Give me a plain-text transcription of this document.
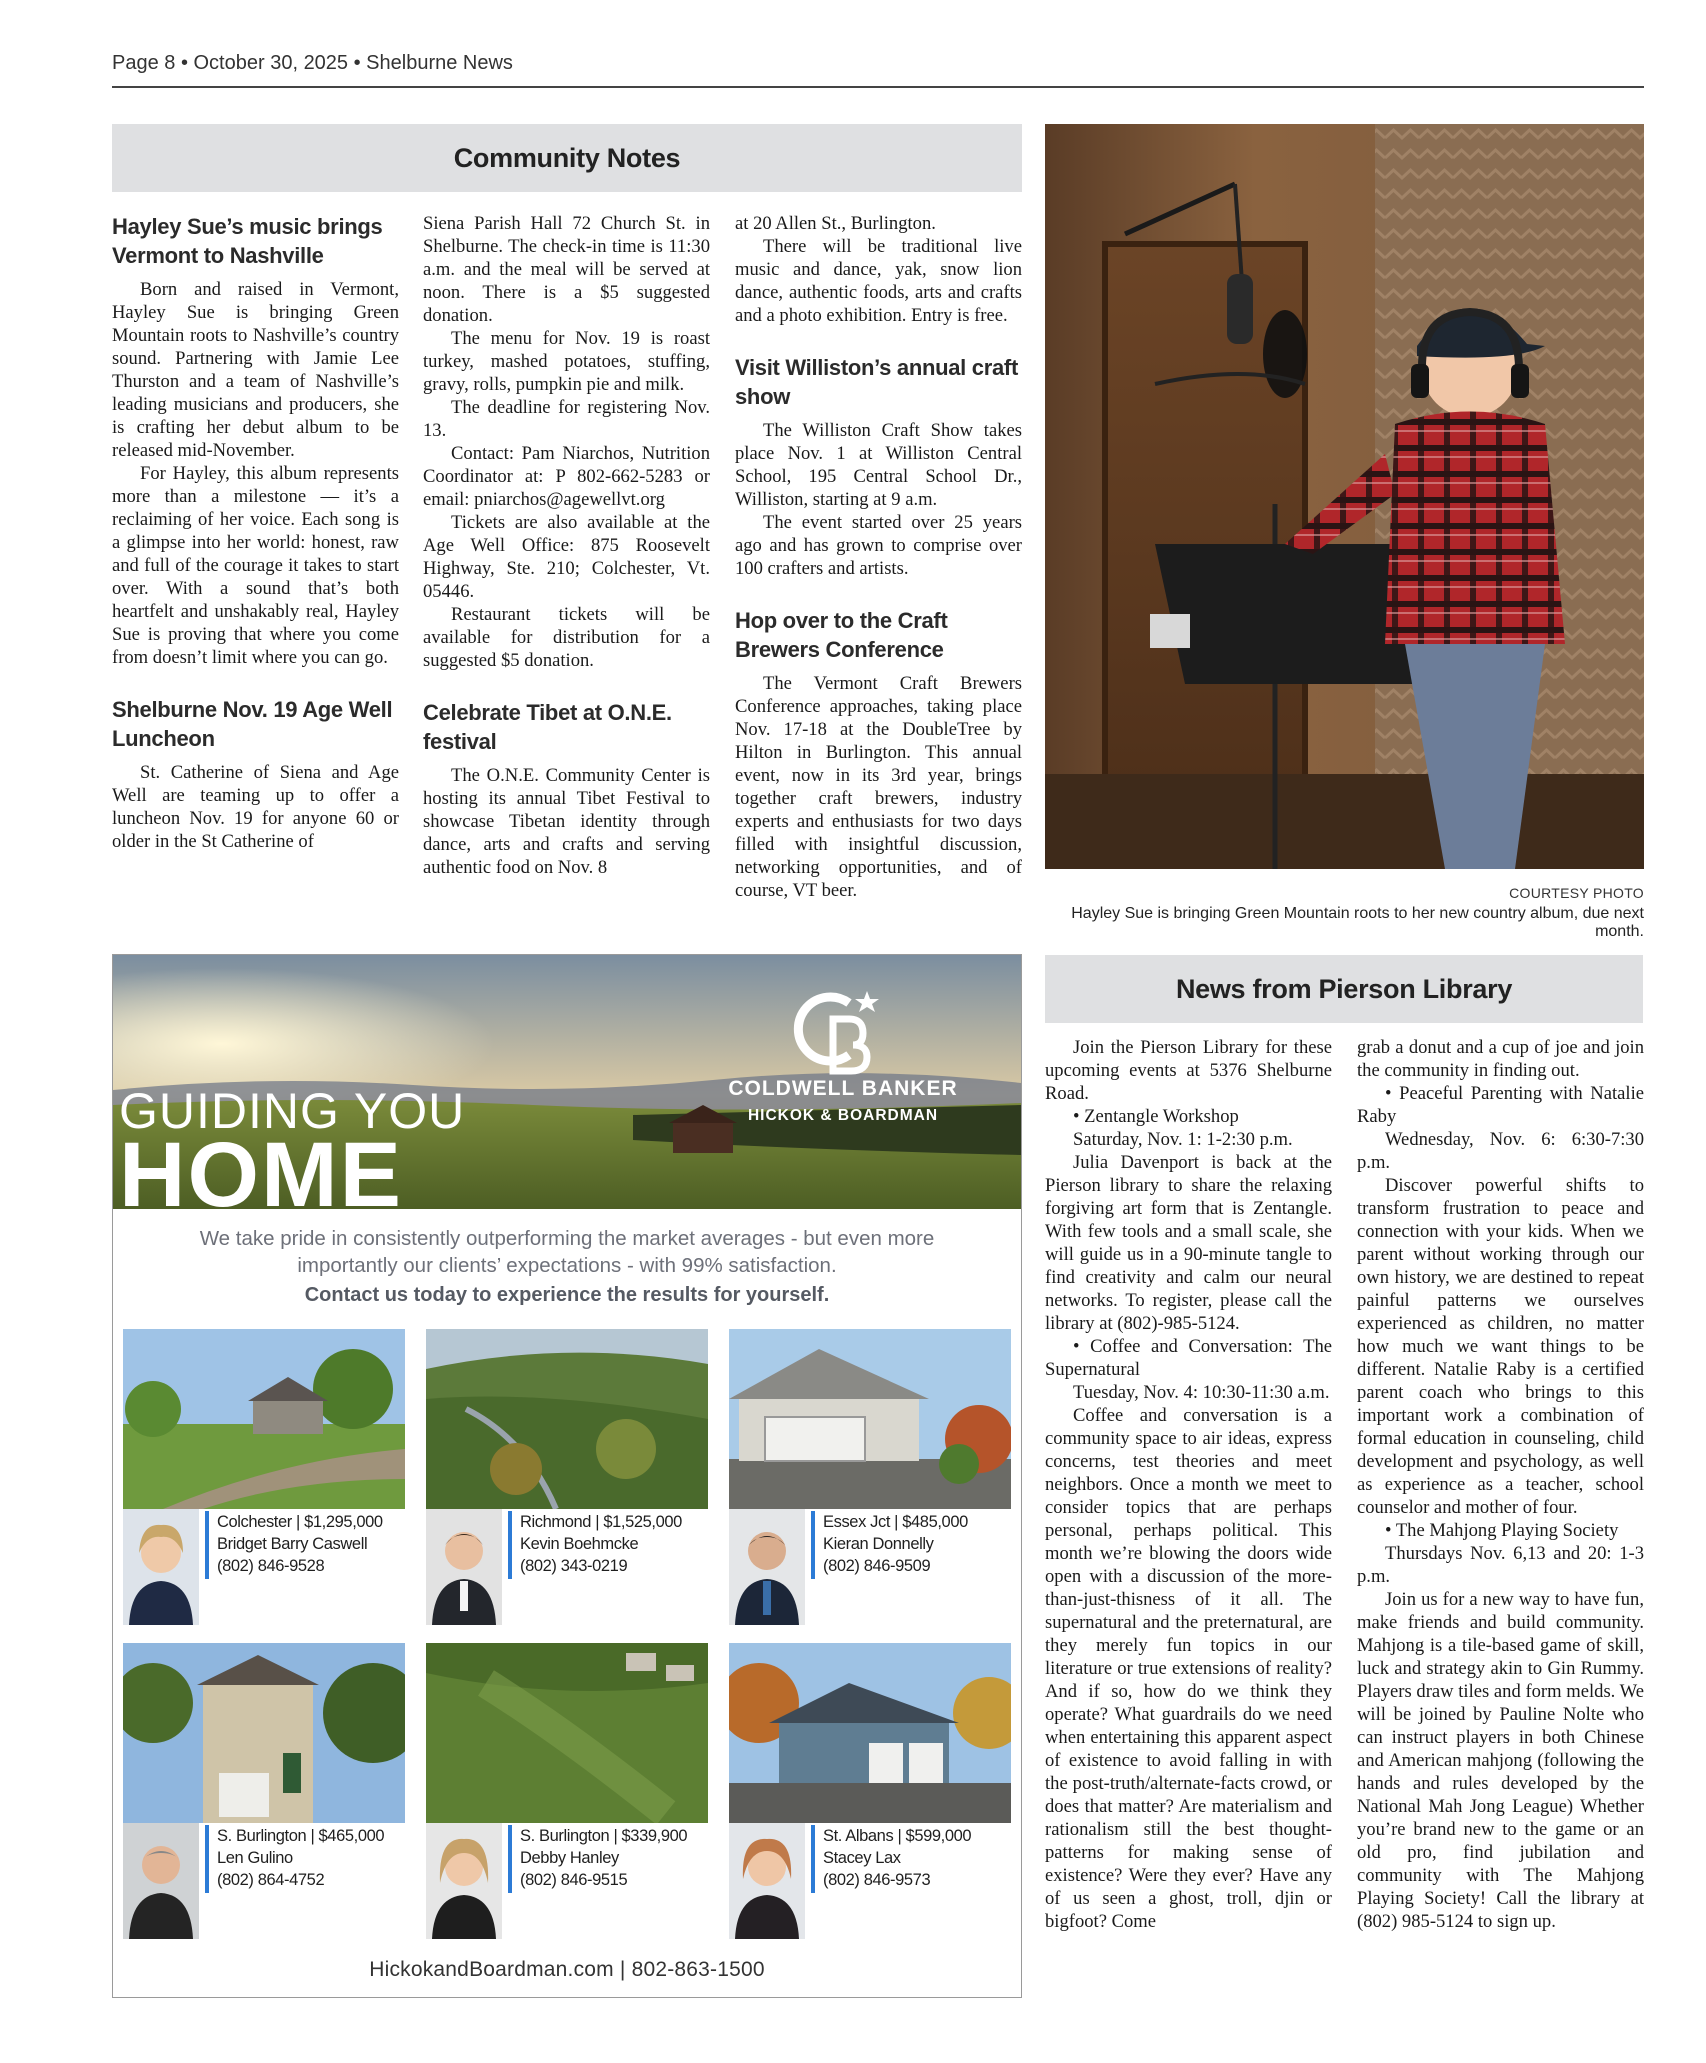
Page 8 • October 30, 2025 • Shelburne News
Community Notes
Hayley Sue’s music brings Vermont to Nashville

Born and raised in Vermont, Hayley Sue is bringing Green Mountain roots to Nashville’s country sound. Partnering with Jamie Lee Thurston and a team of Nashville’s leading musicians and producers, she is crafting her debut album to be released mid-November.

For Hayley, this album represents more than a milestone — it’s a reclaiming of her voice. Each song is a glimpse into her world: honest, raw and full of the courage it takes to start over. With a sound that’s both heartfelt and unshakably real, Hayley Sue is proving that where you come from doesn’t limit where you can go.

Shelburne Nov. 19 Age Well Luncheon

St. Catherine of Siena and Age Well are teaming up to offer a luncheon Nov. 19 for anyone 60 or older in the St Catherine of

Siena Parish Hall 72 Church St. in Shelburne. The check-in time is 11:30 a.m. and the meal will be served at noon. There is a $5 suggested donation.

The menu for Nov. 19 is roast turkey, mashed potatoes, stuffing, gravy, rolls, pumpkin pie and milk.

The deadline for registering Nov. 13.

Contact: Pam Niarchos, Nutrition Coordinator at: P 802-662-5283 or email: pniarchos@agewellvt.org

Tickets are also available at the Age Well Office: 875 Roosevelt Highway, Ste. 210; Colchester, Vt. 05446.

Restaurant tickets will be available for distribution for a suggested $5 donation.

Celebrate Tibet at O.N.E. festival

The O.N.E. Community Center is hosting its annual Tibet Festival to showcase Tibetan identity through dance, arts and crafts and serving authentic food on Nov. 8

at 20 Allen St., Burlington.

There will be traditional live music and dance, yak, snow lion dance, authentic foods, arts and crafts and a photo exhibition. Entry is free.

Visit Williston’s annual craft show

The Williston Craft Show takes place Nov. 1 at Williston Central School, 195 Central School Dr., Williston, starting at 9 a.m.

The event started over 25 years ago and has grown to comprise over 100 crafters and artists.

Hop over to the Craft Brewers Conference

The Vermont Craft Brewers Conference approaches, taking place Nov. 17-18 at the DoubleTree by Hilton in Burlington. This annual event, now in its 3rd year, brings together craft brewers, industry experts and enthusiasts for two days filled with insightful discussion, networking opportunities, and of course, VT beer.	COURTESY PHOTO
Hayley Sue is bringing Green Mountain roots to her new country album, due next month.
COLDWELL BANKER
HICKOK & BOARDMAN
GUIDING YOU
HOME
We take pride in consistently outperforming the market averages - but even more
importantly our clients’ expectations - with 99% satisfaction.
Contact us today to experience the results for yourself.
Colchester | $1,295,000
Bridget Barry Caswell
(802) 846-9528
Richmond | $1,525,000
Kevin Boehmcke
(802) 343-0219
Essex Jct | $485,000
Kieran Donnelly
(802) 846-9509
S. Burlington | $465,000
Len Gulino
(802) 864-4752
S. Burlington | $339,900
Debby Hanley
(802) 846-9515
St. Albans | $599,000
Stacey Lax
(802) 846-9573
HickokandBoardman.com | 802-863-1500
News from Pierson Library

Join the Pierson Library for these upcoming events at 5376 Shelburne Road.

• Zentangle Workshop

Saturday, Nov. 1: 1-2:30 p.m.

Julia Davenport is back at the Pierson library to share the relaxing forgiving art form that is Zentangle. With few tools and a small scale, she will guide us in a 90-minute tangle to find creativity and calm our neural networks. To register, please call the library at (802)-985-5124.

• Coffee and Conversation: The Supernatural

Tuesday, Nov. 4: 10:30-11:30 a.m.

Coffee and conversation is a community space to air ideas, express concerns, test theories and meet neighbors. Once a month we meet to consider topics that are perhaps personal, perhaps political. This month we’re blowing the doors wide open with a discussion of the more-than-just-thisness of it all. The supernatural and the preternatural, are they merely fun topics in our literature or true extensions of reality? And if so, how do we think they operate? What guardrails do we need when entertaining this apparent aspect of existence to avoid falling in with the post-truth/alternate-facts crowd, or does that matter? Are materialism and rationalism still the best thought-patterns for making sense of existence? Were they ever? Have any of us seen a ghost, troll, djin or bigfoot? Come

grab a donut and a cup of joe and join the community in finding out.

• Peaceful Parenting with Natalie Raby

Wednesday, Nov. 6: 6:30-7:30 p.m.

Discover powerful shifts to transform frustration to peace and connection with your kids. When we parent without working through our own history, we are destined to repeat painful patterns we ourselves experienced as children, no matter how much we want things to be different. Natalie Raby is a certified parent coach who brings to this important work a combination of formal education in counseling, child development and psychology, as well as experience as a teacher, school counselor and mother of four.

• The Mahjong Playing Society

Thursdays Nov. 6,13 and 20: 1-3 p.m.

Join us for a new way to have fun, make friends and build community. Mahjong is a tile-based game of skill, luck and strategy akin to Gin Rummy. Players draw tiles and form melds. We will be joined by Pauline Nolte who can instruct players in both Chinese and American mahjong (following the hands and rules developed by the National Mah Jong League) Whether you’re brand new to the game or an old pro, find jubilation and community with The Mahjong Playing Society! Call the library at (802) 985-5124 to sign up.
